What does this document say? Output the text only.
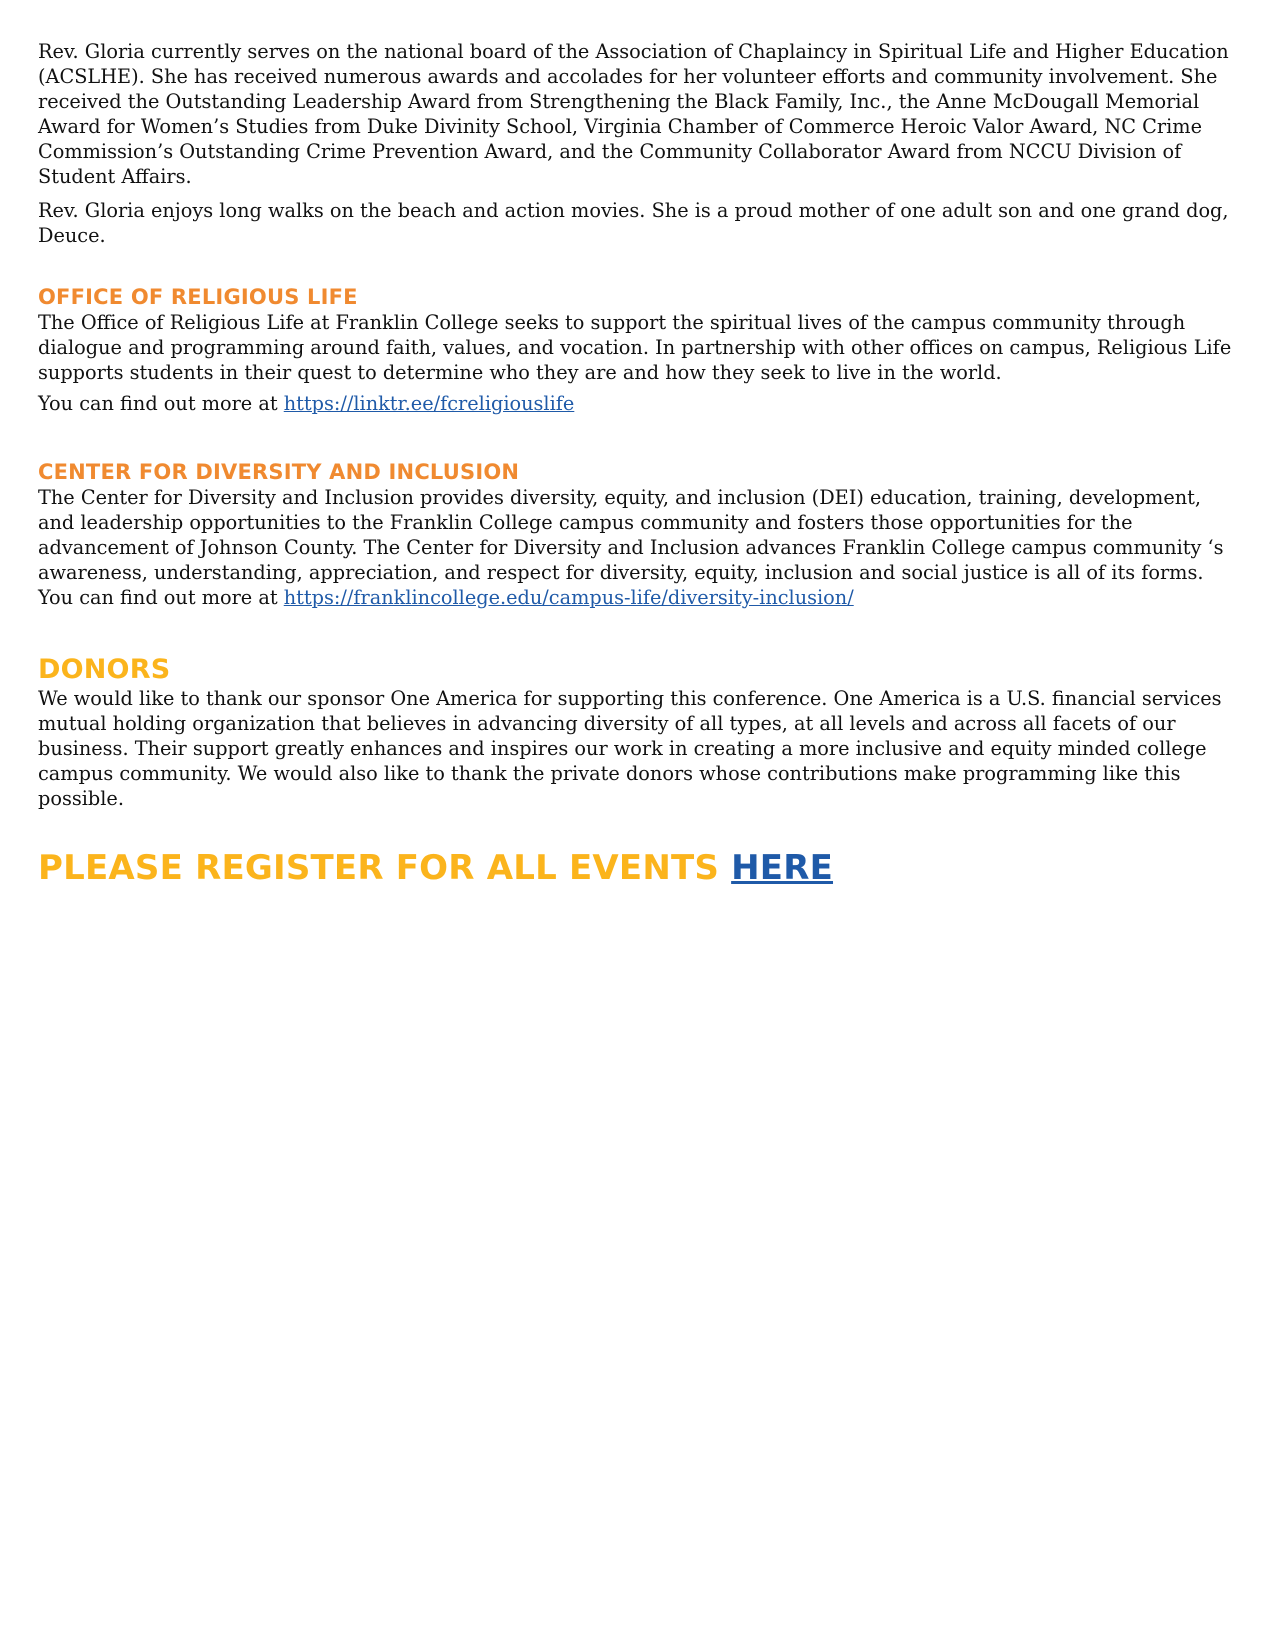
Rev. Gloria currently serves on the national board of the Association of Chaplaincy in Spiritual Life and Higher Education (ACSLHE). She has received numerous awards and accolades for her volunteer efforts and community involvement. She received the Outstanding Leadership Award from Strengthening the Black Family, Inc., the Anne McDougall Memorial Award for Women’s Studies from Duke Divinity School, Virginia Chamber of Commerce Heroic Valor Award, NC Crime Commission’s Outstanding Crime Prevention Award, and the Community Collaborator Award from NCCU Division of Student Affairs.

Rev. Gloria enjoys long walks on the beach and action movies. She is a proud mother of one adult son and one grand dog, Deuce.

OFFICE OF RELIGIOUS LIFE

The Office of Religious Life at Franklin College seeks to support the spiritual lives of the campus community through dialogue and programming around faith, values, and vocation. In partnership with other offices on campus, Religious Life supports students in their quest to determine who they are and how they seek to live in the world.

You can find out more at https://linktr.ee/fcreligiouslife

CENTER FOR DIVERSITY AND INCLUSION

The Center for Diversity and Inclusion provides diversity, equity, and inclusion (DEI) education, training, development, and leadership opportunities to the Franklin College campus community and fosters those opportunities for the advancement of Johnson County. The Center for Diversity and Inclusion advances Franklin College campus community ‘s awareness, understanding, appreciation, and respect for diversity, equity, inclusion and social justice is all of its forms. You can find out more at https://franklincollege.edu/campus-life/diversity-inclusion/

DONORS

We would like to thank our sponsor One America for supporting this conference. One America is a U.S. financial services mutual holding organization that believes in advancing diversity of all types, at all levels and across all facets of our business. Their support greatly enhances and inspires our work in creating a more inclusive and equity minded college campus community. We would also like to thank the private donors whose contributions make programming like this possible.

PLEASE REGISTER FOR ALL EVENTS HERE
